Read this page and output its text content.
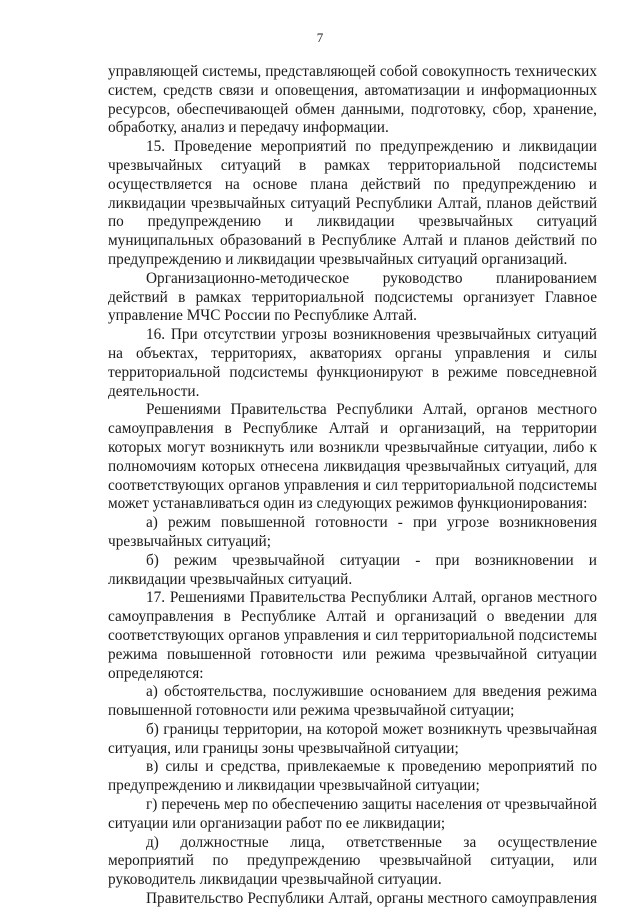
7

управляющей системы, представляющей собой совокупность технических систем, средств связи и оповещения, автоматизации и информационных ресурсов, обеспечивающей обмен данными, подготовку, сбор, хранение, обработку, анализ и передачу информации.

15. Проведение мероприятий по предупреждению и ликвидации чрезвычайных ситуаций в рамках территориальной подсистемы осуществляется на основе плана действий по предупреждению и ликвидации чрезвычайных ситуаций Республики Алтай, планов действий по предупреждению и ликвидации чрезвычайных ситуаций муниципальных образований в Республике Алтай и планов действий по предупреждению и ликвидации чрезвычайных ситуаций организаций.

Организационно-методическое руководство планированием действий в рамках территориальной подсистемы организует Главное управление МЧС России по Республике Алтай.

16. При отсутствии угрозы возникновения чрезвычайных ситуаций на объектах, территориях, акваториях органы управления и силы территориальной подсистемы функционируют в режиме повседневной деятельности.

Решениями Правительства Республики Алтай, органов местного самоуправления в Республике Алтай и организаций, на территории которых могут возникнуть или возникли чрезвычайные ситуации, либо к полномочиям которых отнесена ликвидация чрезвычайных ситуаций, для соответствующих органов управления и сил территориальной подсистемы может устанавливаться один из следующих режимов функционирования:

а) режим повышенной готовности - при угрозе возникновения чрезвычайных ситуаций;

б) режим чрезвычайной ситуации - при возникновении и ликвидации чрезвычайных ситуаций.

17. Решениями Правительства Республики Алтай, органов местного самоуправления в Республике Алтай и организаций о введении для соответствующих органов управления и сил территориальной подсистемы режима повышенной готовности или режима чрезвычайной ситуации определяются:

а) обстоятельства, послужившие основанием для введения режима повышенной готовности или режима чрезвычайной ситуации;

б) границы территории, на которой может возникнуть чрезвычайная ситуация, или границы зоны чрезвычайной ситуации;

в) силы и средства, привлекаемые к проведению мероприятий по предупреждению и ликвидации чрезвычайной ситуации;

г) перечень мер по обеспечению защиты населения от чрезвычайной ситуации или организации работ по ее ликвидации;

д) должностные лица, ответственные за осуществление мероприятий по предупреждению чрезвычайной ситуации, или руководитель ликвидации чрезвычайной ситуации.

Правительство Республики Алтай, органы местного самоуправления
